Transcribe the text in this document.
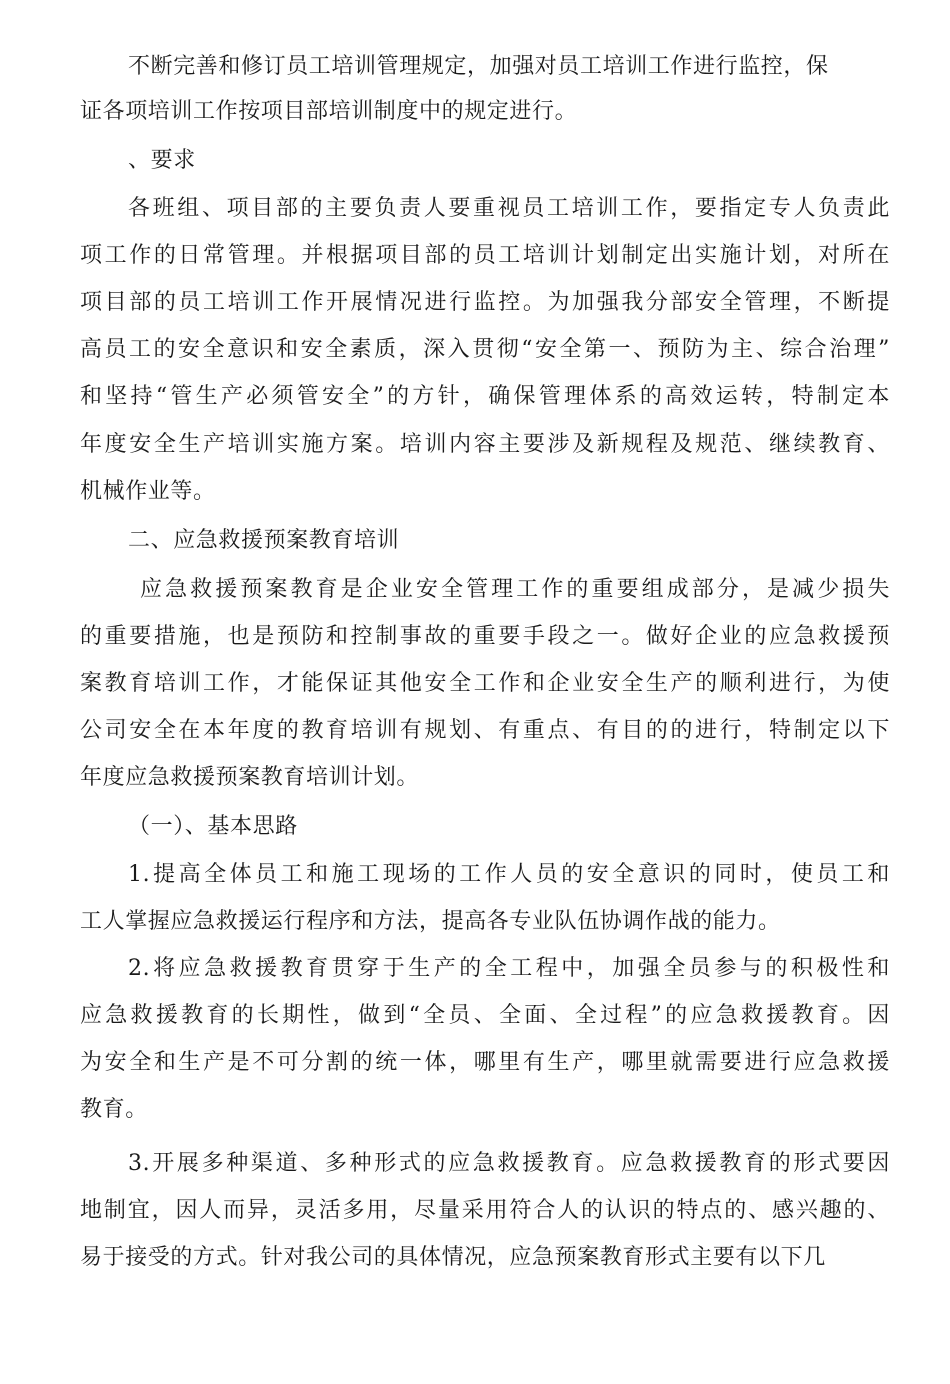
不断完善和修订员工培训管理规定，加强对员工培训工作进行监控，保
证各项培训工作按项目部培训制度中的规定进行。
、要求
各班组、项目部的主要负责人要重视员工培训工作，要指定专人负责此
项工作的日常管理。并根据项目部的员工培训计划制定出实施计划，对所在
项目部的员工培训工作开展情况进行监控。为加强我分部安全管理，不断提
高员工的安全意识和安全素质，深入贯彻“安全第一、预防为主、综合治理”
和坚持“管生产必须管安全”的方针，确保管理体系的高效运转，特制定本
年度安全生产培训实施方案。培训内容主要涉及新规程及规范、继续教育、
机械作业等。
二、应急救援预案教育培训
应急救援预案教育是企业安全管理工作的重要组成部分，是减少损失
的重要措施，也是预防和控制事故的重要手段之一。做好企业的应急救援预
案教育培训工作，才能保证其他安全工作和企业安全生产的顺利进行，为使
公司安全在本年度的教育培训有规划、有重点、有目的的进行，特制定以下
年度应急救援预案教育培训计划。
（一）、基本思路
1.提高全体员工和施工现场的工作人员的安全意识的同时，使员工和
工人掌握应急救援运行程序和方法，提高各专业队伍协调作战的能力。
2.将应急救援教育贯穿于生产的全工程中，加强全员参与的积极性和
应急救援教育的长期性，做到“全员、全面、全过程”的应急救援教育。因
为安全和生产是不可分割的统一体，哪里有生产，哪里就需要进行应急救援
教育。
3.开展多种渠道、多种形式的应急救援教育。应急救援教育的形式要因
地制宜，因人而异，灵活多用，尽量采用符合人的认识的特点的、感兴趣的、
易于接受的方式。针对我公司的具体情况，应急预案教育形式主要有以下几
